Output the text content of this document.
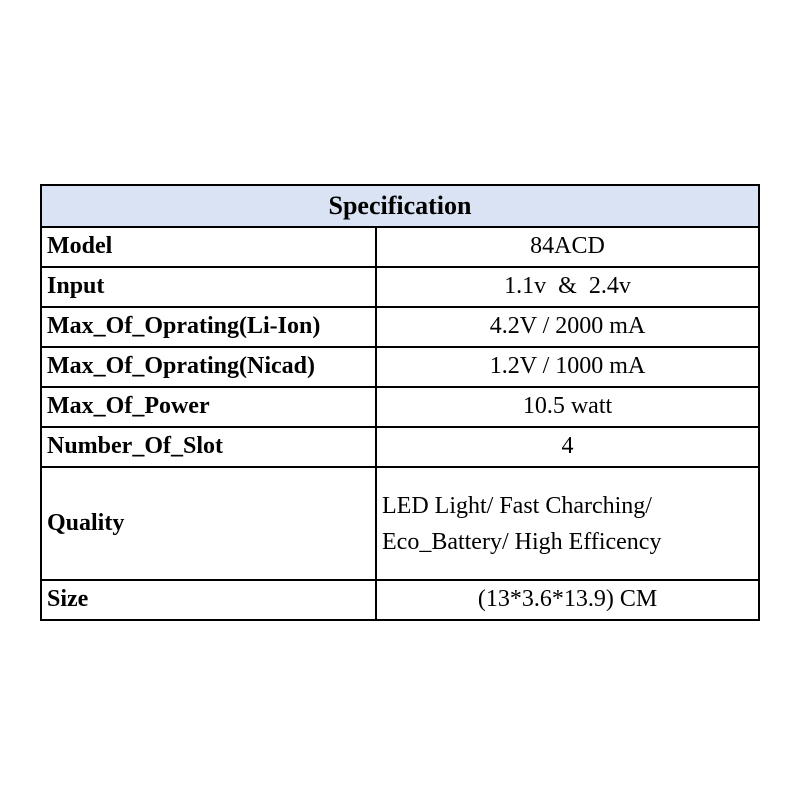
Specification	
Model	84ACD
Input	1.1v  &  2.4v
Max_Of_Oprating(Li-Ion)	4.2V / 2000 mA
Max_Of_Oprating(Nicad)	1.2V / 1000 mA
Max_Of_Power	10.5 watt
Number_Of_Slot	4
Quality	LED Light/ Fast Charching/
Eco_Battery/ High Efficency

Size	(13*3.6*13.9) CM
